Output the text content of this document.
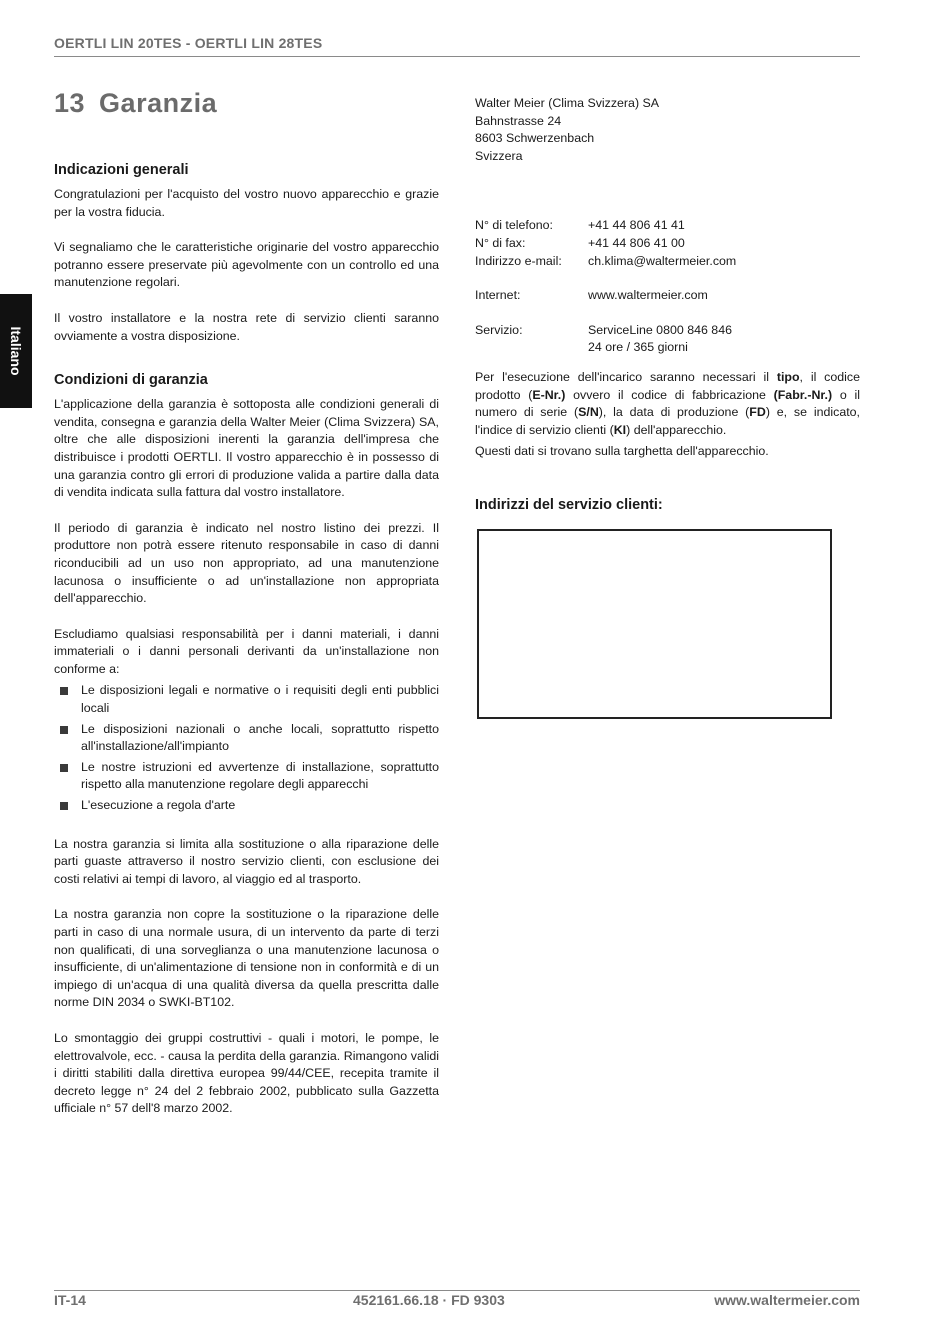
OERTLI LIN 20TES - OERTLI LIN 28TES
Italiano
13 Garanzia
Indicazioni generali

Congratulazioni per l'acquisto del vostro nuovo apparecchio e grazie per la vostra fiducia.

Vi segnaliamo che le caratteristiche originarie del vostro apparecchio potranno essere preservate più agevolmente con un controllo ed una manutenzione regolari.

Il vostro installatore e la nostra rete di servizio clienti saranno ovviamente a vostra disposizione.

Condizioni di garanzia

L'applicazione della garanzia è sottoposta alle condizioni generali di vendita, consegna e garanzia della Walter Meier (Clima Svizzera) SA, oltre che alle disposizioni inerenti la garanzia dell'impresa che distribuisce i prodotti OERTLI. Il vostro apparecchio è in possesso di una garanzia contro gli errori di produzione valida a partire dalla data di vendita indicata sulla fattura dal vostro installatore.

Il periodo di garanzia è indicato nel nostro listino dei prezzi. Il produttore non potrà essere ritenuto responsabile in caso di danni riconducibili ad un uso non appropriato, ad una manutenzione lacunosa o insufficiente o ad un'installazione non appropriata dell'apparecchio.

Escludiamo qualsiasi responsabilità per i danni materiali, i danni immateriali o i danni personali derivanti da un'installazione non conforme a:

Le disposizioni legali e normative o i requisiti degli enti pubblici locali
Le disposizioni nazionali o anche locali, soprattutto rispetto all'installazione/all'impianto
Le nostre istruzioni ed avvertenze di installazione, soprattutto rispetto alla manutenzione regolare degli apparecchi
L'esecuzione a regola d'arte

La nostra garanzia si limita alla sostituzione o alla riparazione delle parti guaste attraverso il nostro servizio clienti, con esclusione dei costi relativi ai tempi di lavoro, al viaggio ed al trasporto.

La nostra garanzia non copre la sostituzione o la riparazione delle parti in caso di una normale usura, di un intervento da parte di terzi non qualificati, di una sorveglianza o una manutenzione lacunosa o insufficiente, di un'alimentazione di tensione non in conformità e di un impiego di un'acqua di una qualità diversa da quella prescritta dalle norme DIN 2034 o SWKI-BT102.

Lo smontaggio dei gruppi costruttivi - quali i motori, le pompe, le elettrovalvole, ecc. - causa la perdita della garanzia. Rimangono validi i diritti stabiliti dalla direttiva europea 99/44/CEE, recepita tramite il decreto legge n° 24 del 2 febbraio 2002, pubblicato sulla Gazzetta ufficiale n° 57 dell'8 marzo 2002.

Walter Meier (Clima Svizzera) SA
Bahnstrasse 24
8603 Schwerzenbach
Svizzera
N° di telefono:	+41 44 806 41 41
N° di fax:	+41 44 806 41 00
Indirizzo e-mail:	ch.klima@waltermeier.com
Internet:	www.waltermeier.com
Servizio:	ServiceLine 0800 846 846
24 ore / 365 giorni

Per l'esecuzione dell'incarico saranno necessari il tipo, il codice prodotto (E-Nr.) ovvero il codice di fabbricazione (Fabr.-Nr.) o il numero di serie (S/N), la data di produzione (FD) e, se indicato, l'indice di servizio clienti (KI) dell'apparecchio.

Questi dati si trovano sulla targhetta dell'apparecchio.

Indirizzi del servizio clienti:
IT-14	452161.66.18 · FD 9303	www.waltermeier.com
